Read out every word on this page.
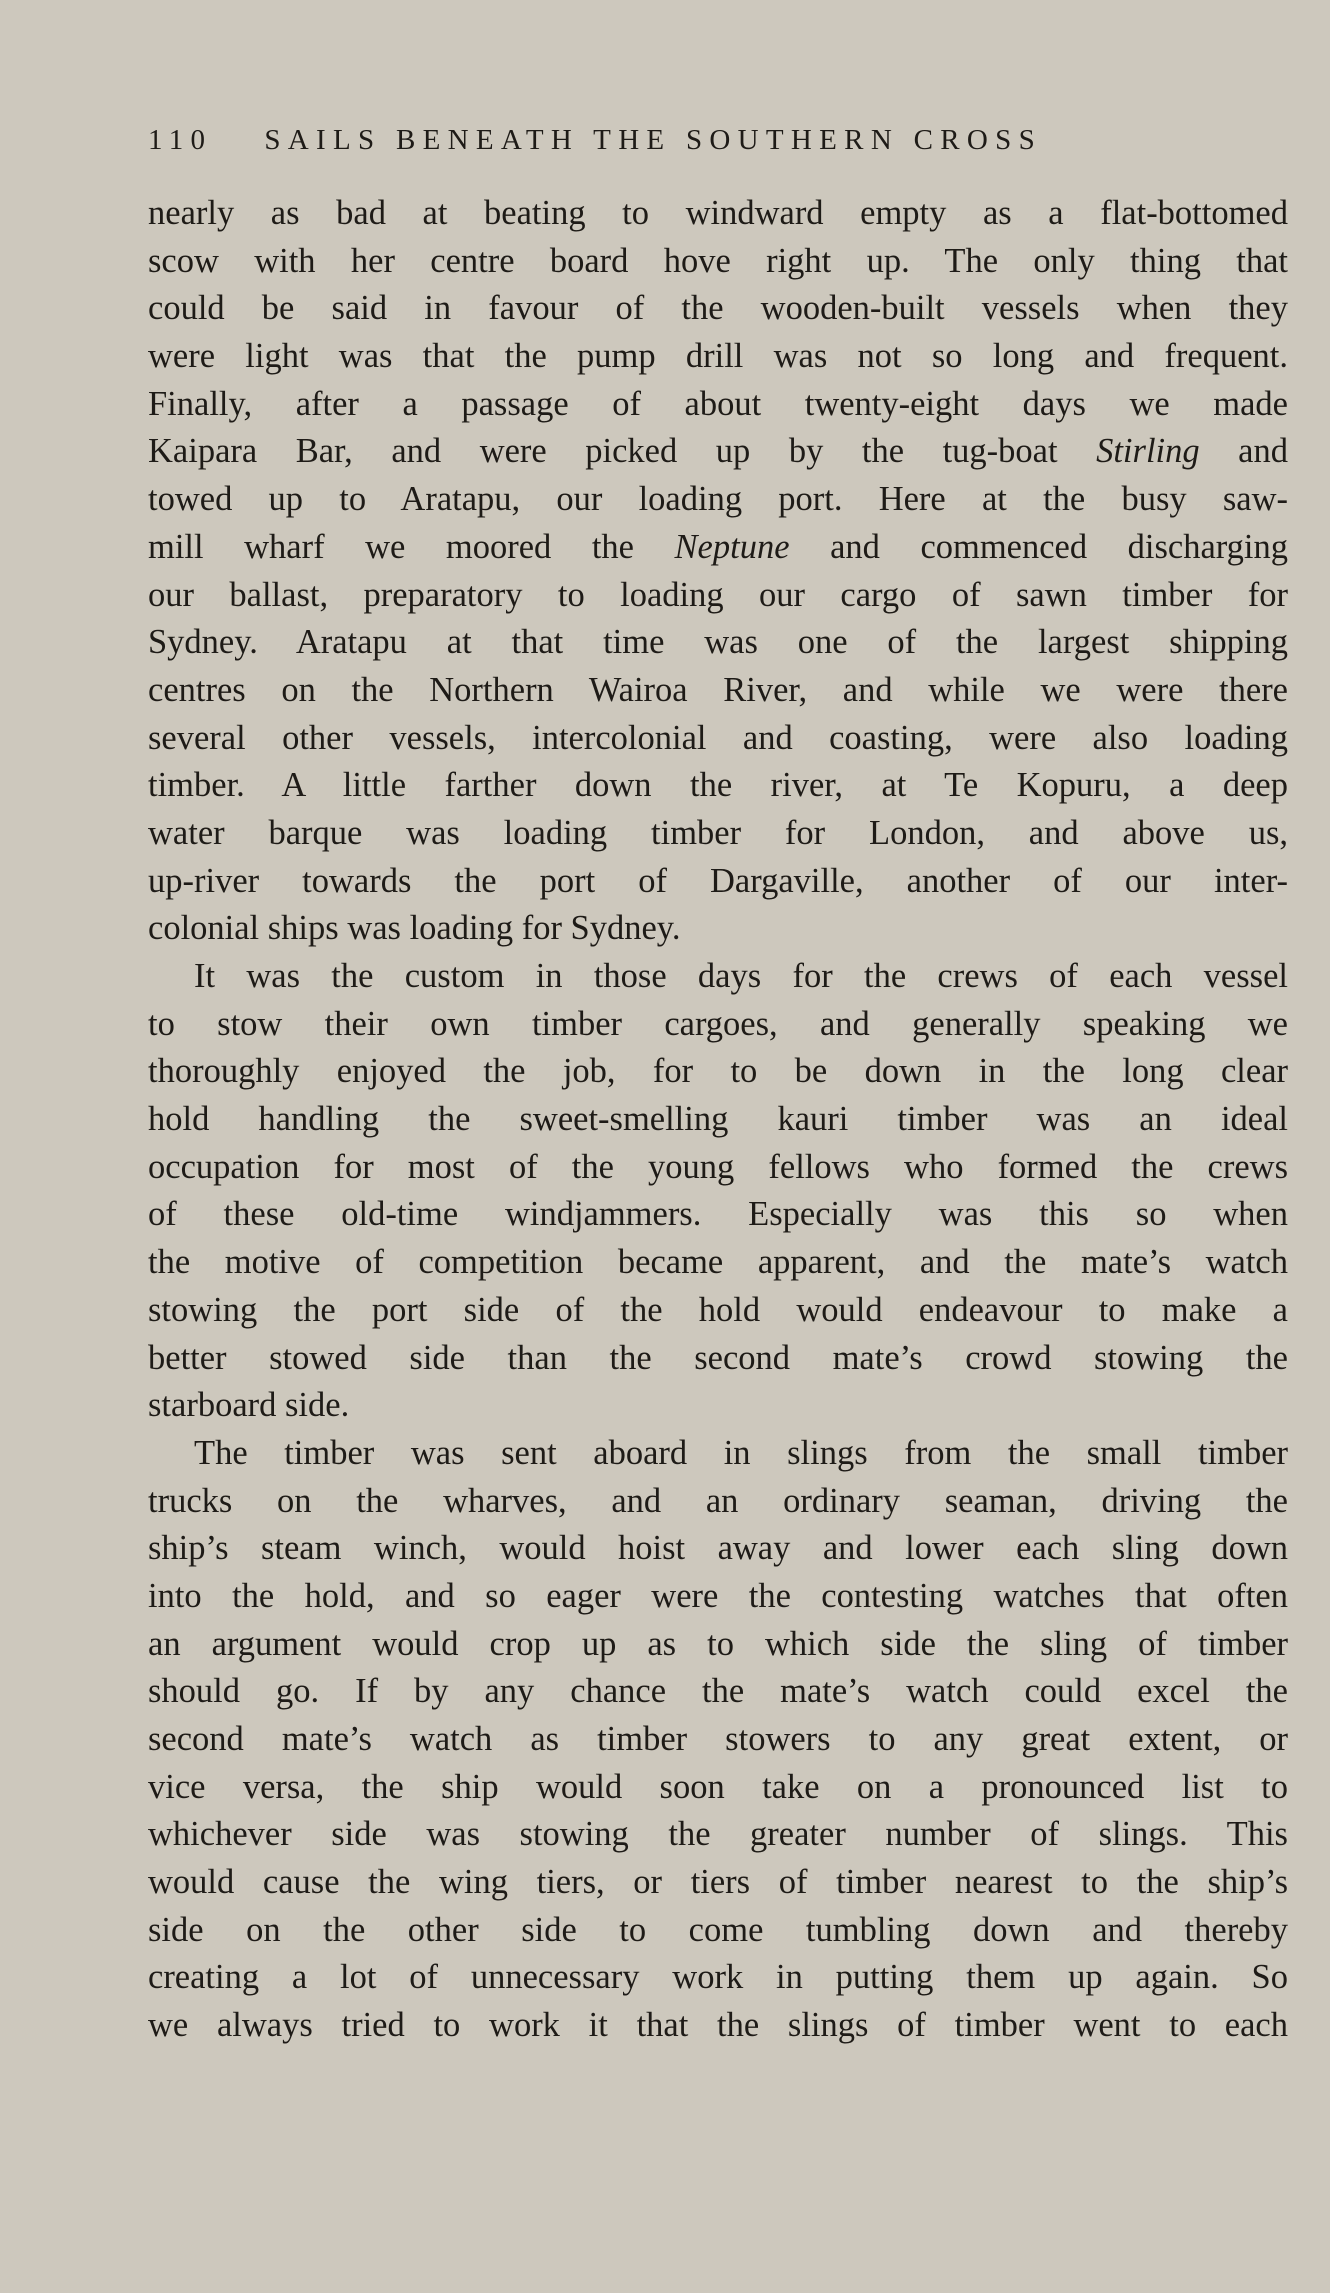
110 SAILS BENEATH THE SOUTHERN CROSS
nearly as bad at beating to windward empty as a flat-bottomed
scow with her centre board hove right up. The only thing that
could be said in favour of the wooden-built vessels when they
were light was that the pump drill was not so long and frequent.
Finally, after a passage of about twenty-eight days we made
Kaipara Bar, and were picked up by the tug-boat Stirling and
towed up to Aratapu, our loading port. Here at the busy saw-
mill wharf we moored the Neptune and commenced discharging
our ballast, preparatory to loading our cargo of sawn timber for
Sydney. Aratapu at that time was one of the largest shipping
centres on the Northern Wairoa River, and while we were there
several other vessels, intercolonial and coasting, were also loading
timber. A little farther down the river, at Te Kopuru, a deep
water barque was loading timber for London, and above us,
up-river towards the port of Dargaville, another of our inter-
colonial ships was loading for Sydney.
It was the custom in those days for the crews of each vessel
to stow their own timber cargoes, and generally speaking we
thoroughly enjoyed the job, for to be down in the long clear
hold handling the sweet-smelling kauri timber was an ideal
occupation for most of the young fellows who formed the crews
of these old-time windjammers. Especially was this so when
the motive of competition became apparent, and the mate’s watch
stowing the port side of the hold would endeavour to make a
better stowed side than the second mate’s crowd stowing the
starboard side.
The timber was sent aboard in slings from the small timber
trucks on the wharves, and an ordinary seaman, driving the
ship’s steam winch, would hoist away and lower each sling down
into the hold, and so eager were the contesting watches that often
an argument would crop up as to which side the sling of timber
should go. If by any chance the mate’s watch could excel the
second mate’s watch as timber stowers to any great extent, or
vice versa, the ship would soon take on a pronounced list to
whichever side was stowing the greater number of slings. This
would cause the wing tiers, or tiers of timber nearest to the ship’s
side on the other side to come tumbling down and thereby
creating a lot of unnecessary work in putting them up again. So
we always tried to work it that the slings of timber went to each
